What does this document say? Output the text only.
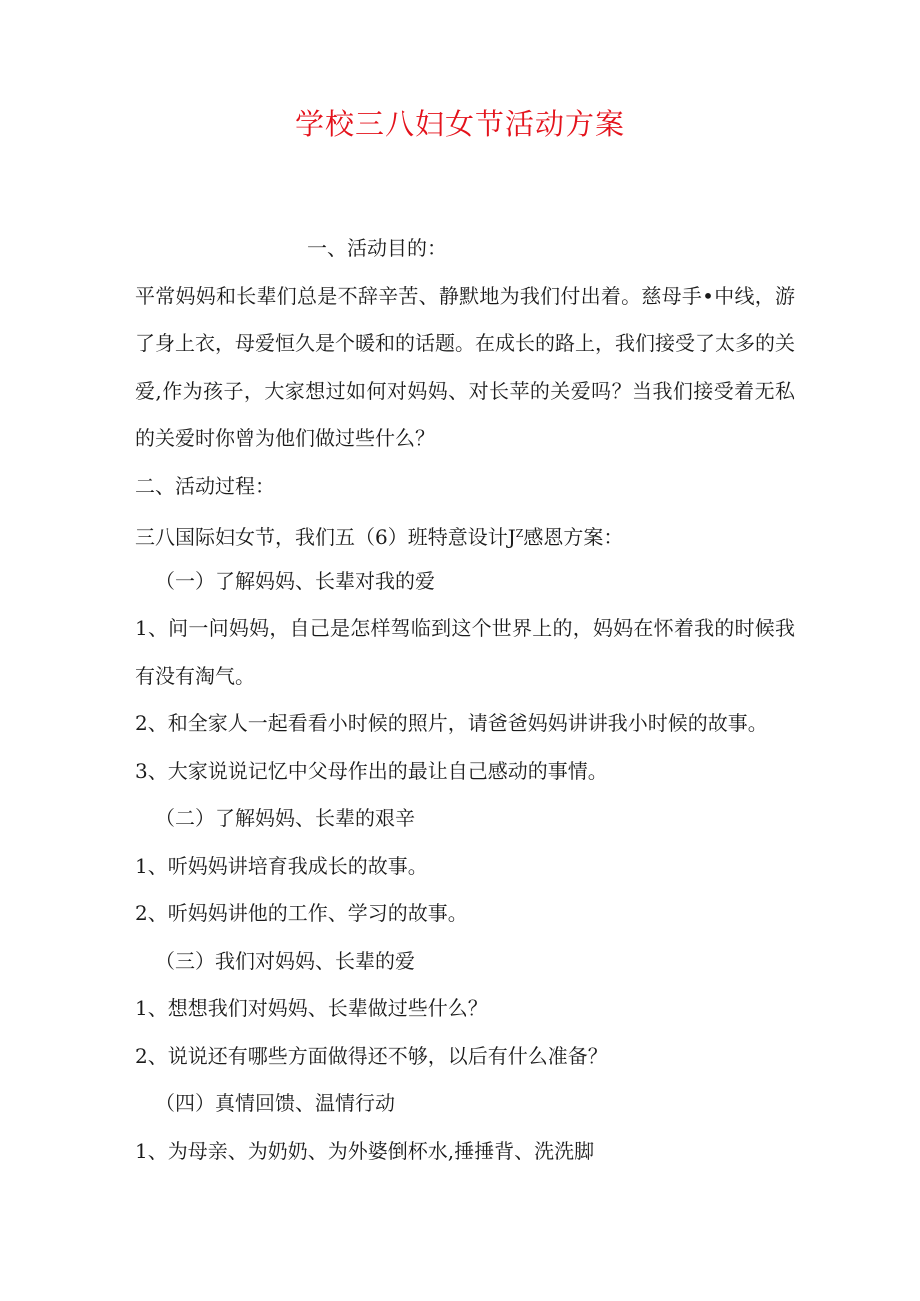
学校三八妇女节活动方案
一、活动目的：
平常妈妈和长辈们总是不辞辛苦、静默地为我们付出着。慈母手•中线，游
了身上衣，母爱恒久是个暖和的话题。在成长的路上，我们接受了太多的关
爱,作为孩子，大家想过如何对妈妈、对长苹的关爱吗？当我们接受着无私
的关爱时你曾为他们做过些什么？
二、活动过程：
三八国际妇女节，我们五（6）班特意设计$J^Z$感恩方案：
（一）了解妈妈、长辈对我的爱
1、问一问妈妈，自己是怎样驾临到这个世界上的，妈妈在怀着我的时候我
有没有淘气。
2、和全家人一起看看小时候的照片，请爸爸妈妈讲讲我小时候的故事。
3、大家说说记忆中父母作出的最让自己感动的事情。
（二）了解妈妈、长辈的艰辛
1、听妈妈讲培育我成长的故事。
2、听妈妈讲他的工作、学习的故事。
（三）我们对妈妈、长辈的爱
1、想想我们对妈妈、长辈做过些什么？
2、说说还有哪些方面做得还不够，以后有什么准备？
（四）真情回馈、温情行动
1、为母亲、为奶奶、为外婆倒杯水,捶捶背、洗洗脚
